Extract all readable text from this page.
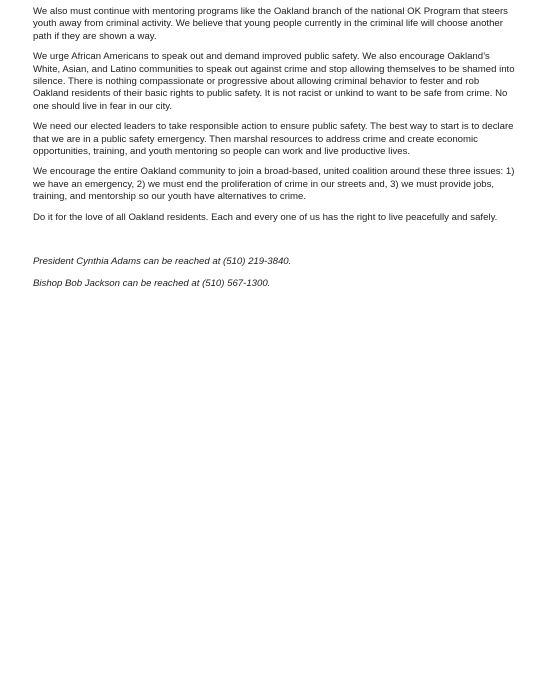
We also must continue with mentoring programs like the Oakland branch of the national OK Program that steers youth away from criminal activity. We believe that young people currently in the criminal life will choose another path if they are shown a way.

We urge African Americans to speak out and demand improved public safety. We also encourage Oakland’s White, Asian, and Latino communities to speak out against crime and stop allowing themselves to be shamed into silence. There is nothing compassionate or progressive about allowing criminal behavior to fester and rob Oakland residents of their basic rights to public safety. It is not racist or unkind to want to be safe from crime. No one should live in fear in our city.

We need our elected leaders to take responsible action to ensure public safety. The best way to start is to declare that we are in a public safety emergency. Then marshal resources to address crime and create economic opportunities, training, and youth mentoring so people can work and live productive lives.

We encourage the entire Oakland community to join a broad-based, united coalition around these three issues: 1) we have an emergency, 2) we must end the proliferation of crime in our streets and, 3) we must provide jobs, training, and mentorship so our youth have alternatives to crime.

Do it for the love of all Oakland residents. Each and every one of us has the right to live peacefully and safely.

President Cynthia Adams can be reached at (510) 219-3840.

Bishop Bob Jackson can be reached at (510) 567-1300.
